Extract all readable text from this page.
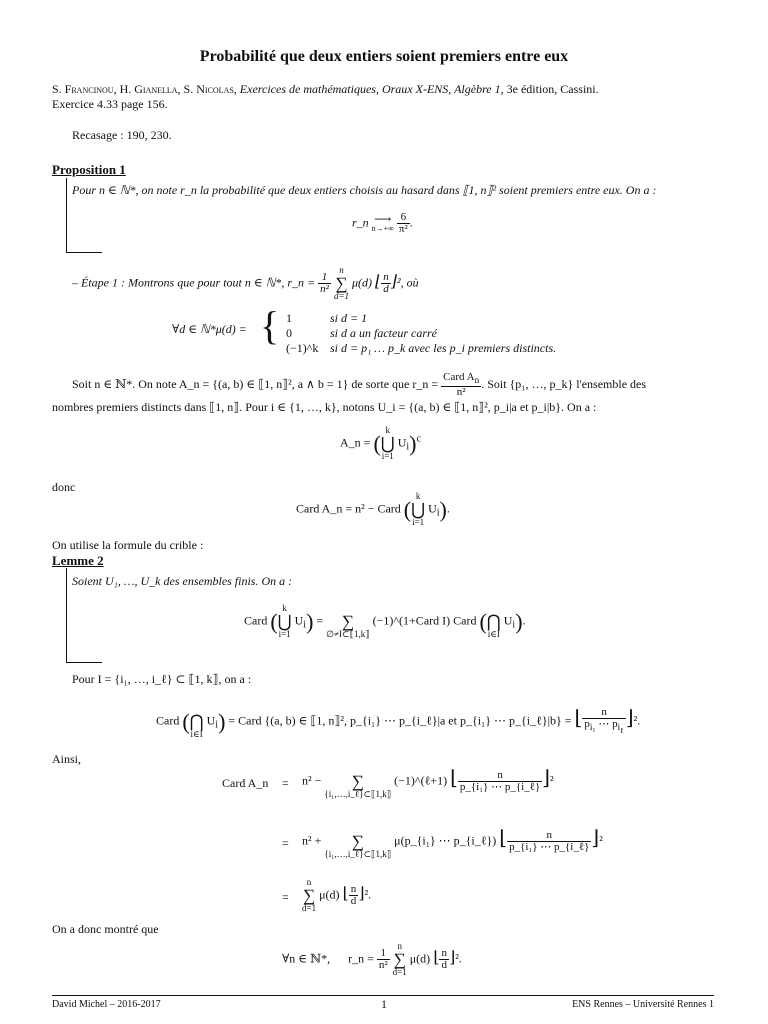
Probabilité que deux entiers soient premiers entre eux
S. Francinou, H. Gianella, S. Nicolas, Exercices de mathématiques, Oraux X-ENS, Algèbre 1, 3e édition, Cassini.
Exercice 4.33 page 156.
Recasage : 190, 230.
Proposition 1
Pour n ∈ ℕ*, on note r_n la probabilité que deux entiers choisis au hasard dans ⟦1, n⟧² soient premiers entre eux. On a :
r_n ⟶
$n\to+\infty \frac{6}{\text{π²}}$ .
– Étape 1 : Montrons que pour tout n ∈ ℕ*, r_n = $\frac{1}{\text{n²}}$
n
∑
d=1 μ(d) ⌊ $\frac{n}{d}$ ⌋², où
∀d ∈ ℕ*μ(d) = { 1	si d = 1
0	si d a un facteur carré
(−1)^k si d = p₁ … p_k avec les p_i premiers distincts.
Soit n ∈ ℕ*. On note A_n = {(a, b) ∈ ⟦1, n⟧², a ∧ b = 1} de sorte que r_n = $\frac{Card A_n}{\text{n²}}$ . Soit {p₁, …, p_k} l'ensemble des
nombres premiers distincts dans ⟦1, n⟧. Pour i ∈ {1, …, k}, notons U_i = {(a, b) ∈ ⟦1, n⟧², p_i|a et p_i|b}. On a :
A_n = (k
⋃
i=1 $U_i)^c$
donc
Card A_n = n² − Card (k
⋃
i=1 $U_i$).
On utilise la formule du crible :
Lemme 2
Soient U₁, …, U_k des ensembles finis. On a :
Card (k
⋃
i=1 $U_i$) =	∑
∅≠I⊂⟦1,k⟧ (−1)^(1+Card I) Card ( ⋂
i∈I $U_i$).
Pour I = {i₁, …, i_ℓ} ⊂ ⟦1, k⟧, on a :
Card ( ⋂
i∈I $U_i$) = Card {(a, b) ∈ ⟦1, n⟧², p_{i₁} ⋯ p_{i_ℓ}|a et p_{i₁} ⋯ p_{i_ℓ}|b} = ⌊ $\frac{n}{p_{i_1} \cdots p_{i_\ell}}$ ⌋².
Ainsi,
Card A_n = n² −	∑
{i₁,…,i_ℓ}⊂⟦1,k⟧ (−1)^(ℓ+1) ⌊ $\frac{n}{\text{p\_\{i₁\} ⋯ p\_\{i\_ℓ\}}}$ ⌋²
= n² +	∑
{i₁,…,i_ℓ}⊂⟦1,k⟧ μ(p_{i₁} ⋯ p_{i_ℓ}) ⌊ $\frac{n}{\text{p\_\{i₁\} ⋯ p\_\{i\_ℓ\}}}$ ⌋²
=
n
∑
d=1 μ(d) ⌊ $\frac{n}{d}$ ⌋².
On a donc montré que
∀n ∈ ℕ*, r_n = $\frac{1}{\text{n²}}$
n
∑
d=1 μ(d) ⌊ $\frac{n}{d}$ ⌋².
David Michel – 2016-2017	1	ENS Rennes – Université Rennes 1
